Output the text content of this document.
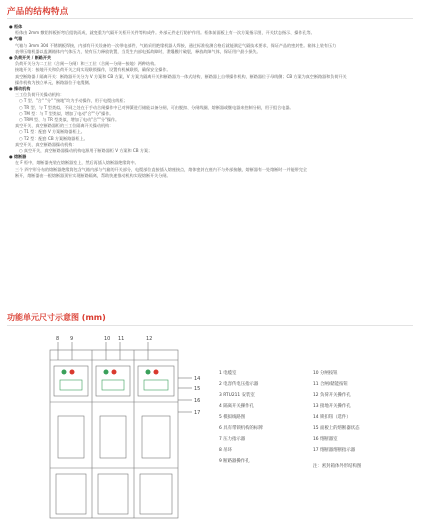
产品的结构特点
● 柜体
柜体由 2mm 敷铝锌板折弯后组装而成，就变重为气隔开关柜开关件等构成件。外部元件走行防护作用。柜体前面板上有一次方案指示图，开关状态指示、操作孔等。
● 气箱
气箱与 3mm 304 不锈钢板焊接，内部有开关设备的一次带电部件，气箱采用绝缘机器人焊接，通过标准检测合格后就能满足气隔技术要求，保证产品的密封性。箱体上装有压力
表带压缩机器以监测箱体内气体压力，装有压力释放装置，当发生内部电弧故障时，泄爆膜片破裂，释放故障气体，保证用户最小损失。
● 负荷开关 / 断路开关
负荷开关分为二工位（合闸～分闸）和三工位（合闸～分闸～接地）两种结构。
接地开关：接地开关和负荷开关之间实现联锁操作，设置有机械联锁，确保安全操作。
真空断路器 / 隔离开关：断路器开关分为 V 方案和 CB 方案，V 方案为隔离开关和断路器为一体式结构，断路器上自带操作机构，断路器位于母线侧；CB 方案为真空断路器和负荷开关
操作机构为独立单元，断路器位于电缆侧。
● 操动机构
三工位负荷开关操动机构：
○ T 型、"合" "分" "接地"均为手动操作，用于电缆出线柜；
○ TR 型、与 T 型类似，不同之处在于手动合闸操作中已对弹簧进行储能以备分闸，可由脱扣、分闸线圈、熔断器或继电器来控制分闸，用于组合电器。
○ TM 型：与 T 型类似，增加了电动"合""分"操作。
○ TRM 型、与 TR 型类似，增加了电动"合""分"操作。
真空开关、真空断路器柜的三工位隔离开关操动机构：
○ T1 型：配套 V 方案断路器柜上。
○ T2 型：配套 CB 方案断路器柜上。
真空开关、真空断路器操动机构：
○ 真空开关，真空断路器操动机构电源用于断路器柜 V 方案和 CB 方案；
● 熔断器
在 F 柜中，熔断器充装在熔断器室上，然后再插入熔断器绝缘筒中。
三个 四字形分布的熔断器绝缘筒包含气箱内部与气箱的开关部分，电缆部位直接插入熔座接点，熔体密封在座内不与外部接触，熔断器有一处熔断时一并能带完全
断开，熔断器由一根熔断器顶针实现断路隔离，帮助快速推动机构实现熔断开关分闸。
功能单元尺寸示意图 (mm)
8 9	10 11	12
14
15
16
17
1 电缆室
2 电容传电压指示器
3 RTU211 安装室
4 隔离开关操作孔
5 模拟线路图
6 具有带锁机构的标牌
7 压力指示器
8 吊环
9 断路器操作孔
10 分闸按钮
11 合闸/储能按钮
12 负荷开关操作孔
13 接地开关操作孔
14 锁扣钮（选件）
15 面板上的熔断器状态
16 熔断器室
17 熔断器熔断指示器
注：密封箱体外形结构图
